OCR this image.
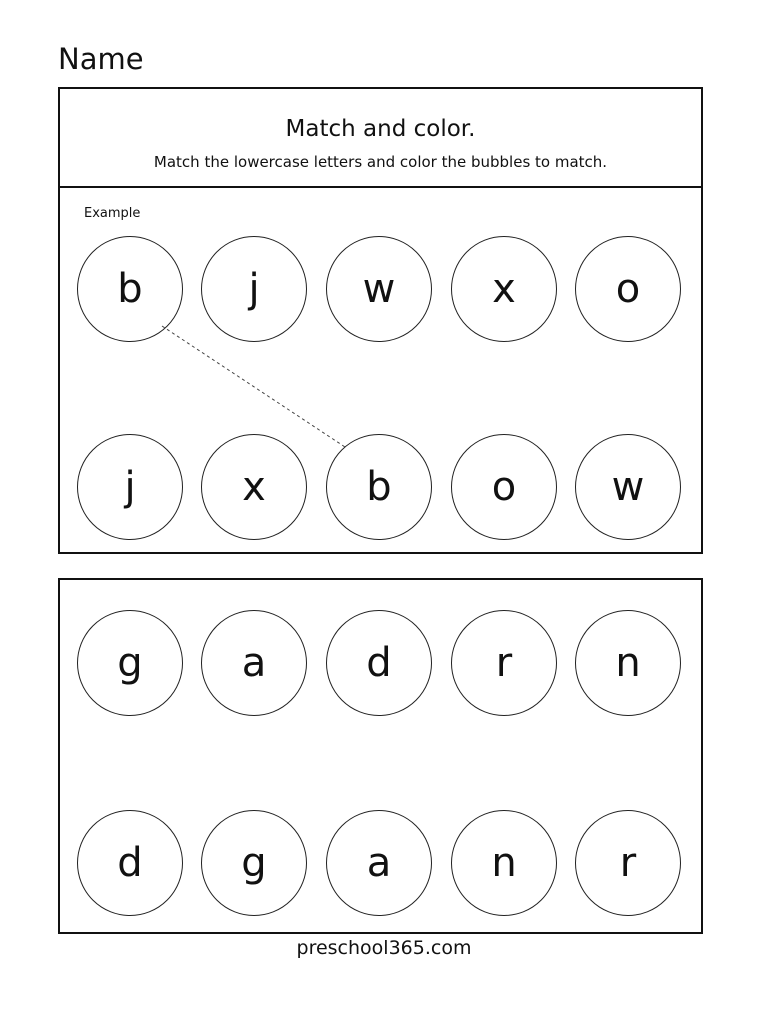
Name
Match and color.
Match the lowercase letters and color the bubbles to match.
Example
b	j	w	x	o
j	x	b	o	w
g	a	d	r	n
d	g	a	n	r
preschool365.com
